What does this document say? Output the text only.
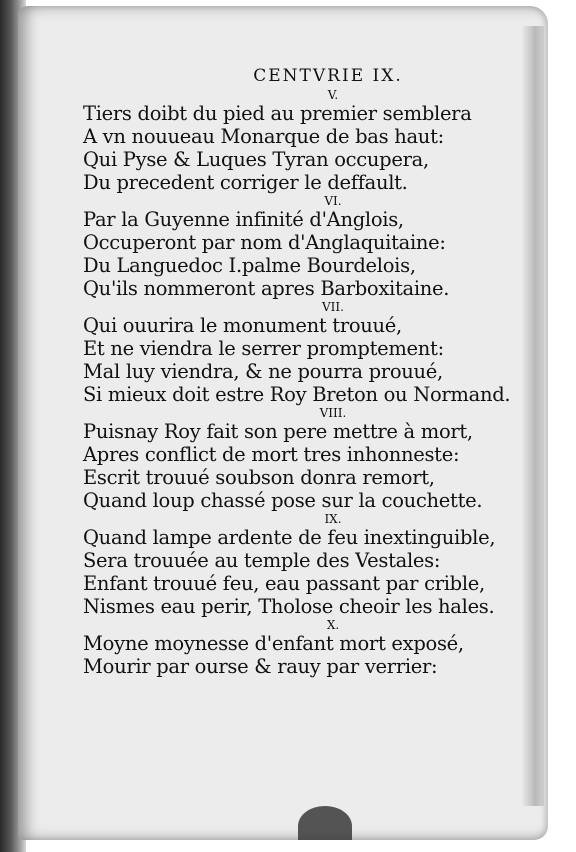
CENTVRIE IX.
V.
Tiers doibt du pied au premier semblera
A vn nouueau Monarque de bas haut:
Qui Pyse & Luques Tyran occupera,
Du precedent corriger le deffault.
VI.
Par la Guyenne infinité d'Anglois,
Occuperont par nom d'Anglaquitaine:
Du Languedoc I.palme Bourdelois,
Qu'ils nommeront apres Barboxitaine.
VII.
Qui ouurira le monument trouué,
Et ne viendra le serrer promptement:
Mal luy viendra, & ne pourra prouué,
Si mieux doit estre Roy Breton ou Normand.
VIII.
Puisnay Roy fait son pere mettre à mort,
Apres conflict de mort tres inhonneste:
Escrit trouué soubson donra remort,
Quand loup chassé pose sur la couchette.
IX.
Quand lampe ardente de feu inextinguible,
Sera trouuée au temple des Vestales:
Enfant trouué feu, eau passant par crible,
Nismes eau perir, Tholose cheoir les hales.
X.
Moyne moynesse d'enfant mort exposé,
Mourir par ourse & rauy par verrier:
